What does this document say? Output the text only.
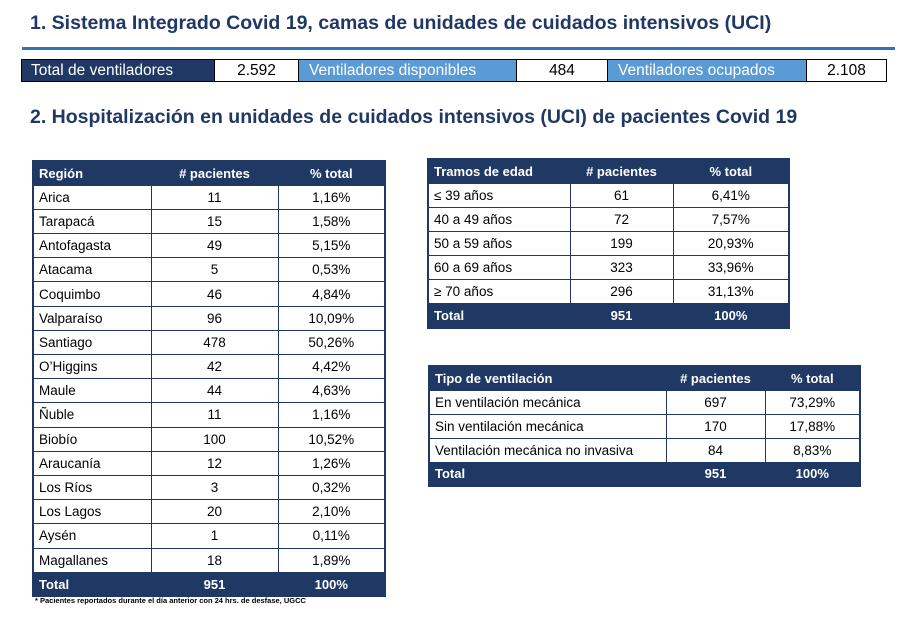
1. Sistema Integrado Covid 19, camas de unidades de cuidados intensivos (UCI)
Total de ventiladores	2.592	Ventiladores disponibles	484	Ventiladores ocupados	2.108
2. Hospitalización en unidades de cuidados intensivos (UCI) de pacientes Covid 19
Región	# pacientes	% total
Arica	11	1,16%
Tarapacá	15	1,58%
Antofagasta	49	5,15%
Atacama	5	0,53%
Coquimbo	46	4,84%
Valparaíso	96	10,09%
Santiago	478	50,26%
O’Higgins	42	4,42%
Maule	44	4,63%
Ñuble	11	1,16%
Biobío	100	10,52%
Araucanía	12	1,26%
Los Ríos	3	0,32%
Los Lagos	20	2,10%
Aysén	1	0,11%
Magallanes	18	1,89%
Total	951	100%
Tramos de edad	# pacientes	% total
≤ 39 años	61	6,41%
40 a 49 años	72	7,57%
50 a 59 años	199	20,93%
60 a 69 años	323	33,96%
≥ 70 años	296	31,13%
Total	951	100%
Tipo de ventilación	# pacientes	% total
En ventilación mecánica	697	73,29%
Sin ventilación mecánica	170	17,88%
Ventilación mecánica no invasiva	84	8,83%
Total	951	100%
* Pacientes reportados durante el día anterior con 24 hrs. de desfase, UGCC
